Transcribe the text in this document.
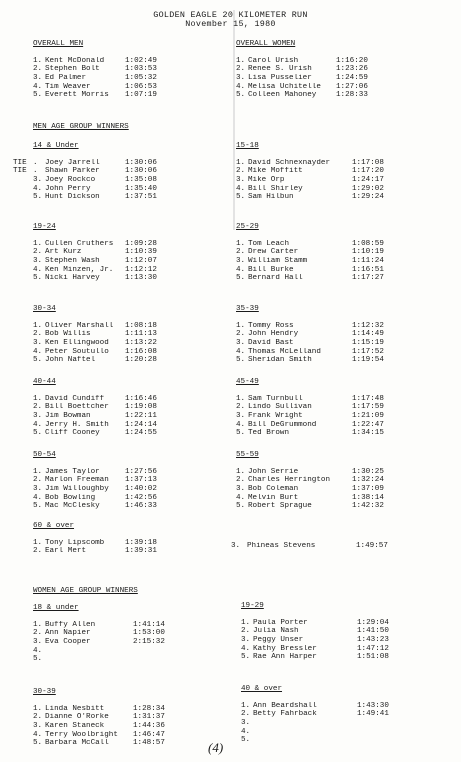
GOLDEN EAGLE 20 KILOMETER RUN
November 15, 1980
OVERALL MEN
1. Kent McDonald	1:02:49
2. Stephen Bolt	1:03:53
3. Ed Palmer	1:05:32
4. Tim Weaver	1:06:53
5. Everett Morris	1:07:19
OVERALL WOMEN
1. Carol Urish	1:16:20
2. Renee S. Urish	1:23:26
3. Lisa Pusselier	1:24:59
4. Melisa Uchitelle	1:27:06
5. Colleen Mahoney	1:28:33
MEN AGE GROUP WINNERS
14 & Under
TIE . Joey Jarrell	1:30:06
TIE . Shawn Parker	1:30:06
3. Joey Rockco	1:35:08
4. John Perry	1:35:40
5. Hunt Dickson	1:37:51
15-18
1. David Schnexnayder	1:17:08
2. Mike Moffitt	1:17:20
3. Mike Orp	1:24:17
4. Bill Shirley	1:29:02
5. Sam Hilbun	1:29:24
19-24
1. Cullen Cruthers	1:09:28
2. Art Kurz	1:10:39
3. Stephen Wash	1:12:07
4. Ken Minzen, Jr.	1:12:12
5. Nicki Harvey	1:13:30
25-29
1. Tom Leach	1:08:59
2. Drew Carter	1:10:19
3. William Stamm	1:11:24
4. Bill Burke	1:16:51
5. Bernard Hall	1:17:27
30-34
1. Oliver Marshall	1:08:18
2. Bob Willis	1:11:13
3. Ken Ellingwood	1:13:22
4. Peter Soutullo	1:16:08
5. John Naftel	1:20:28
35-39
1. Tommy Ross	1:12:32
2. John Hendry	1:14:49
3. David Bast	1:15:19
4. Thomas McLelland	1:17:52
5. Sheridan Smith	1:19:54
40-44
1. David Cundiff	1:16:46
2. Bill Boettcher	1:19:08
3. Jim Bowman	1:22:11
4. Jerry H. Smith	1:24:14
5. Cliff Cooney	1:24:55
45-49
1. Sam Turnbull	1:17:48
2. Lindo Sullivan	1:17:59
3. Frank Wright	1:21:09
4. Bill DeGrummond	1:22:47
5. Ted Brown	1:34:15
50-54
1. James Taylor	1:27:56
2. Marlon Freeman	1:37:13
3. Jim Willoughby	1:40:02
4. Bob Bowling	1:42:56
5. Mac McClesky	1:46:33
55-59
1. John Serrie	1:30:25
2. Charles Herrington	1:32:24
3. Bob Coleman	1:37:09
4. Melvin Burt	1:38:14
5. Robert Sprague	1:42:32
60 & over
1. Tony Lipscomb	1:39:18
2. Earl Mert	1:39:31
3. Phineas Stevens	1:49:57
WOMEN AGE GROUP WINNERS
18 & under
1. Buffy Allen	1:41:14
2. Ann Napier	1:53:00
3. Eva Cooper	2:15:32
4.
5.
19-29
1. Paula Porter	1:29:04
2. Julia Nash	1:41:50
3. Peggy Unser	1:43:23
4. Kathy Bressler	1:47:12
5. Rae Ann Harper	1:51:08
30-39
1. Linda Nesbitt	1:28:34
2. Dianne O'Rorke	1:31:37
3. Karen Staneck	1:44:36
4. Terry Woolbright	1:46:47
5. Barbara McCall	1:48:57
40 & over
1. Ann Beardshall	1:43:30
2. Betty Fahrback	1:49:41
3.
4.
5.
(4)
